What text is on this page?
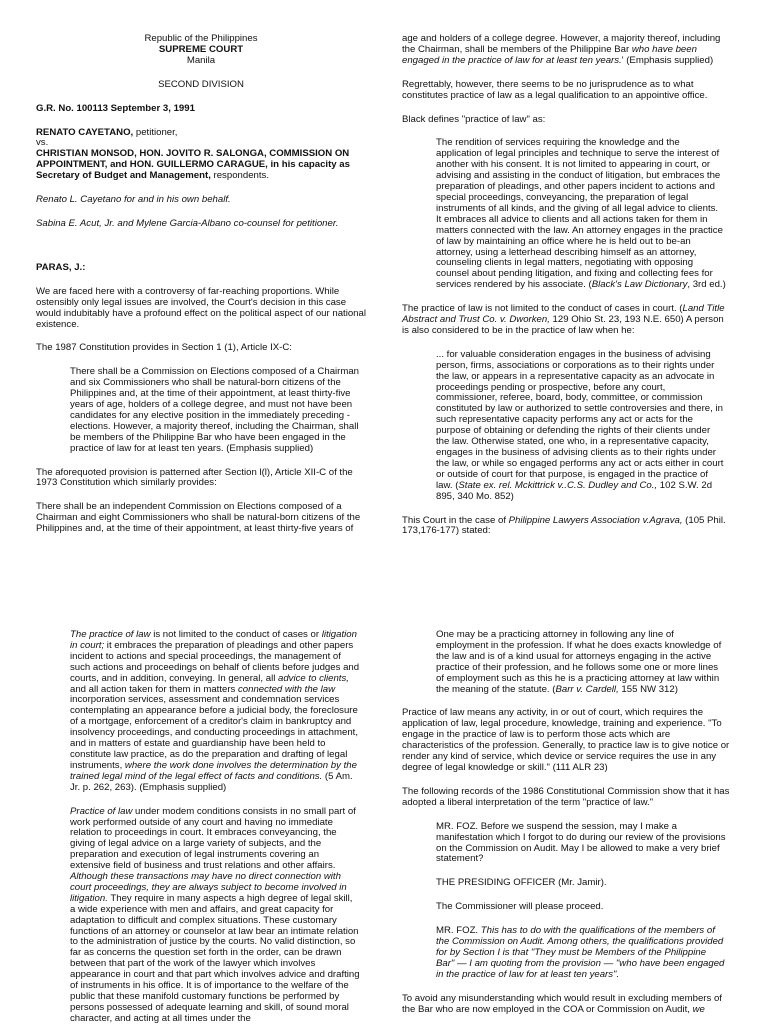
Republic of the Philippines

SUPREME COURT

Manila

SECOND DIVISION

G.R. No. 100113 September 3, 1991

RENATO CAYETANO, petitioner,

vs.

CHRISTIAN MONSOD, HON. JOVITO R. SALONGA, COMMISSION ON APPOINTMENT, and HON. GUILLERMO CARAGUE, in his capacity as Secretary of Budget and Management, respondents.

Renato L. Cayetano for and in his own behalf.

Sabina E. Acut, Jr. and Mylene Garcia-Albano co-counsel for petitioner.

PARAS, J.:

We are faced here with a controversy of far-reaching proportions. While ostensibly only legal issues are involved, the Court's decision in this case would indubitably have a profound effect on the political aspect of our national existence.

The 1987 Constitution provides in Section 1 (1), Article IX-C:

There shall be a Commission on Elections composed of a Chairman and six Commissioners who shall be natural-born citizens of the Philippines and, at the time of their appointment, at least thirty-five years of age, holders of a college degree, and must not have been candidates for any elective position in the immediately preceding - elections. However, a majority thereof, including the Chairman, shall be members of the Philippine Bar who have been engaged in the practice of law for at least ten years. (Emphasis supplied)

The aforequoted provision is patterned after Section l(l), Article XII-C of the 1973 Constitution which similarly provides:

There shall be an independent Commission on Elections composed of a Chairman and eight Commissioners who shall be natural-born citizens of the Philippines and, at the time of their appointment, at least thirty-five years of

age and holders of a college degree. However, a majority thereof, including the Chairman, shall be members of the Philippine Bar who have been engaged in the practice of law for at least ten years.' (Emphasis supplied)

Regrettably, however, there seems to be no jurisprudence as to what constitutes practice of law as a legal qualification to an appointive office.

Black defines "practice of law" as:

The rendition of services requiring the knowledge and the application of legal principles and technique to serve the interest of another with his consent. It is not limited to appearing in court, or advising and assisting in the conduct of litigation, but embraces the preparation of pleadings, and other papers incident to actions and special proceedings, conveyancing, the preparation of legal instruments of all kinds, and the giving of all legal advice to clients. It embraces all advice to clients and all actions taken for them in matters connected with the law. An attorney engages in the practice of law by maintaining an office where he is held out to be-an attorney, using a letterhead describing himself as an attorney, counseling clients in legal matters, negotiating with opposing counsel about pending litigation, and fixing and collecting fees for services rendered by his associate. (Black's Law Dictionary, 3rd ed.)

The practice of law is not limited to the conduct of cases in court. (Land Title Abstract and Trust Co. v. Dworken, 129 Ohio St. 23, 193 N.E. 650) A person is also considered to be in the practice of law when he:

... for valuable consideration engages in the business of advising person, firms, associations or corporations as to their rights under the law, or appears in a representative capacity as an advocate in proceedings pending or prospective, before any court, commissioner, referee, board, body, committee, or commission constituted by law or authorized to settle controversies and there, in such representative capacity performs any act or acts for the purpose of obtaining or defending the rights of their clients under the law. Otherwise stated, one who, in a representative capacity, engages in the business of advising clients as to their rights under the law, or while so engaged performs any act or acts either in court or outside of court for that purpose, is engaged in the practice of law. (State ex. rel. Mckittrick v..C.S. Dudley and Co., 102 S.W. 2d 895, 340 Mo. 852)

This Court in the case of Philippine Lawyers Association v.Agrava, (105 Phil. 173,176-177) stated:

The practice of law is not limited to the conduct of cases or litigation in court; it embraces the preparation of pleadings and other papers incident to actions and special proceedings, the management of such actions and proceedings on behalf of clients before judges and courts, and in addition, conveying. In general, all advice to clients, and all action taken for them in matters connected with the law incorporation services, assessment and condemnation services contemplating an appearance before a judicial body, the foreclosure of a mortgage, enforcement of a creditor's claim in bankruptcy and insolvency proceedings, and conducting proceedings in attachment, and in matters of estate and guardianship have been held to constitute law practice, as do the preparation and drafting of legal instruments, where the work done involves the determination by the trained legal mind of the legal effect of facts and conditions. (5 Am. Jr. p. 262, 263). (Emphasis supplied)

Practice of law under modem conditions consists in no small part of work performed outside of any court and having no immediate relation to proceedings in court. It embraces conveyancing, the giving of legal advice on a large variety of subjects, and the preparation and execution of legal instruments covering an extensive field of business and trust relations and other affairs. Although these transactions may have no direct connection with court proceedings, they are always subject to become involved in litigation. They require in many aspects a high degree of legal skill, a wide experience with men and affairs, and great capacity for adaptation to difficult and complex situations. These customary functions of an attorney or counselor at law bear an intimate relation to the administration of justice by the courts. No valid distinction, so far as concerns the question set forth in the order, can be drawn between that part of the work of the lawyer which involves appearance in court and that part which involves advice and drafting of instruments in his office. It is of importance to the welfare of the public that these manifold customary functions be performed by persons possessed of adequate learning and skill, of sound moral character, and acting at all times under the

One may be a practicing attorney in following any line of employment in the profession. If what he does exacts knowledge of the law and is of a kind usual for attorneys engaging in the active practice of their profession, and he follows some one or more lines of employment such as this he is a practicing attorney at law within the meaning of the statute. (Barr v. Cardell, 155 NW 312)

Practice of law means any activity, in or out of court, which requires the application of law, legal procedure, knowledge, training and experience. "To engage in the practice of law is to perform those acts which are characteristics of the profession. Generally, to practice law is to give notice or render any kind of service, which device or service requires the use in any degree of legal knowledge or skill." (111 ALR 23)

The following records of the 1986 Constitutional Commission show that it has adopted a liberal interpretation of the term "practice of law."

MR. FOZ. Before we suspend the session, may I make a manifestation which I forgot to do during our review of the provisions on the Commission on Audit. May I be allowed to make a very brief statement?

THE PRESIDING OFFICER (Mr. Jamir).

The Commissioner will please proceed.

MR. FOZ. This has to do with the qualifications of the members of the Commission on Audit. Among others, the qualifications provided for by Section I is that "They must be Members of the Philippine Bar" — I am quoting from the provision — "who have been engaged in the practice of law for at least ten years".

To avoid any misunderstanding which would result in excluding members of the Bar who are now employed in the COA or Commission on Audit, we
